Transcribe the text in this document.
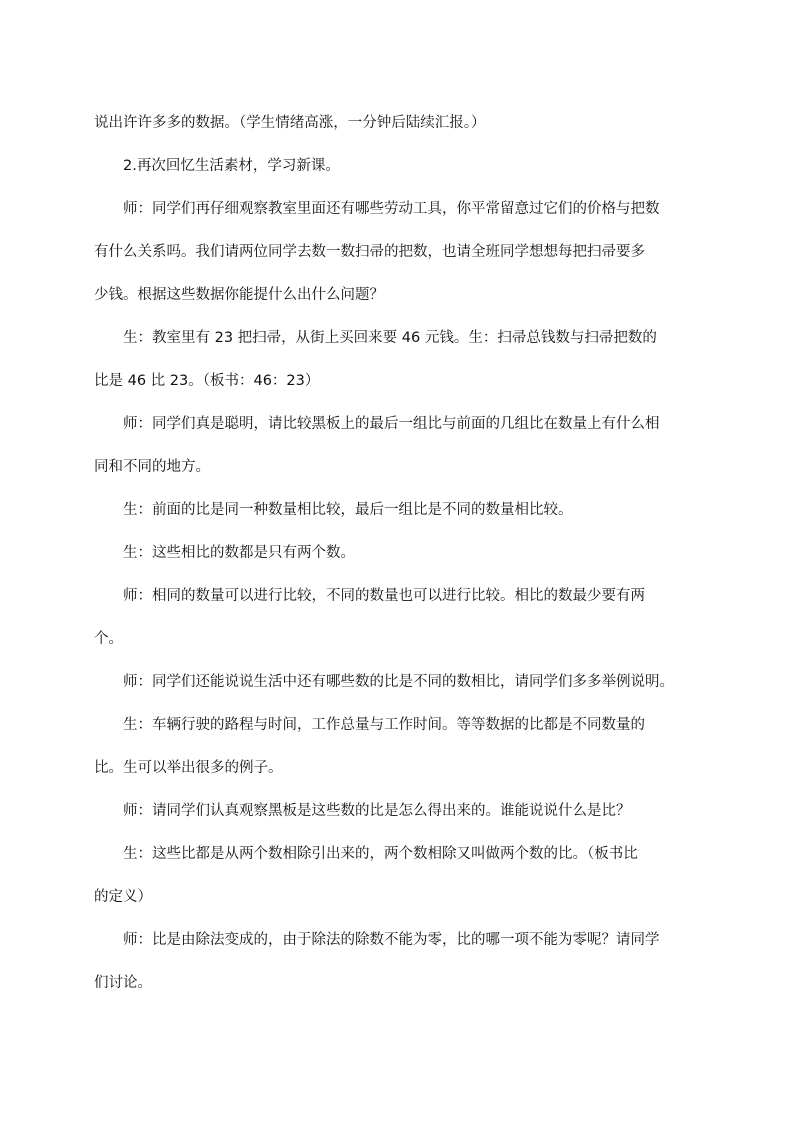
说出许许多多的数据。（学生情绪高涨，一分钟后陆续汇报。）
2.再次回忆生活素材，学习新课。
师：同学们再仔细观察教室里面还有哪些劳动工具，你平常留意过它们的价格与把数
有什么关系吗。我们请两位同学去数一数扫帚的把数，也请全班同学想想每把扫帚要多
少钱。根据这些数据你能提什么出什么问题？
生：教室里有 23 把扫帚，从街上买回来要 46 元钱。生：扫帚总钱数与扫帚把数的
比是 46 比 23。（板书：46：23）
师：同学们真是聪明，请比较黑板上的最后一组比与前面的几组比在数量上有什么相
同和不同的地方。
生：前面的比是同一种数量相比较，最后一组比是不同的数量相比较。
生：这些相比的数都是只有两个数。
师：相同的数量可以进行比较，不同的数量也可以进行比较。相比的数最少要有两
个。
师：同学们还能说说生活中还有哪些数的比是不同的数相比，请同学们多多举例说明。
生：车辆行驶的路程与时间，工作总量与工作时间。等等数据的比都是不同数量的
比。生可以举出很多的例子。
师：请同学们认真观察黑板是这些数的比是怎么得出来的。谁能说说什么是比？
生：这些比都是从两个数相除引出来的，两个数相除又叫做两个数的比。（板书比
的定义）
师：比是由除法变成的，由于除法的除数不能为零，比的哪一项不能为零呢？请同学
们讨论。
